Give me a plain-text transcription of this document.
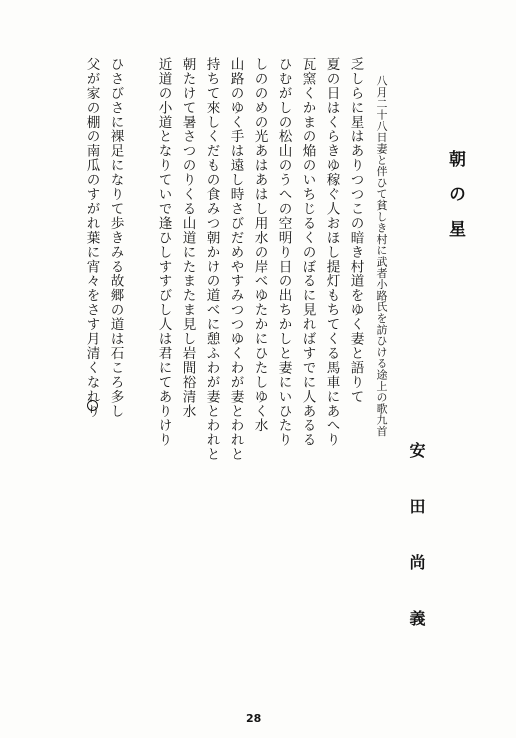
朝の星
安田尚義
八月二十八日妻と伴ひて貧しき村に武者小路氏を訪ひける途上の歌九首
乏しらに星はありつつこの暗き村道をゆく妻と語りて
夏の日はくらきゆ稼ぐ人おほし提灯もちてくる馬車にあへり
瓦窯くかまの焔のいちじるくのぼるに見ればすでに人あるる
ひむがしの松山のうへの空明り日の出ちかしと妻にいひたり
しののめの光あはあはし用水の岸べゆたかにひたしゆく水
山路のゆく手は遠し時さびだめやすみつつゆくわが妻とわれと
持ちて來しくだもの食みつ朝かけの道べに憩ふわが妻とわれと
朝たけて暑さつのりくる山道にたまたま見し岩間𥙿清水
近道の小道となりていで逢ひしすすびし人は君にてありけり
ひさびさに裸足になりて歩きみる故郷の道は石ころ多し
父が家の棚の南瓜のすがれ葉に宵々をさす月清くなれり
28
